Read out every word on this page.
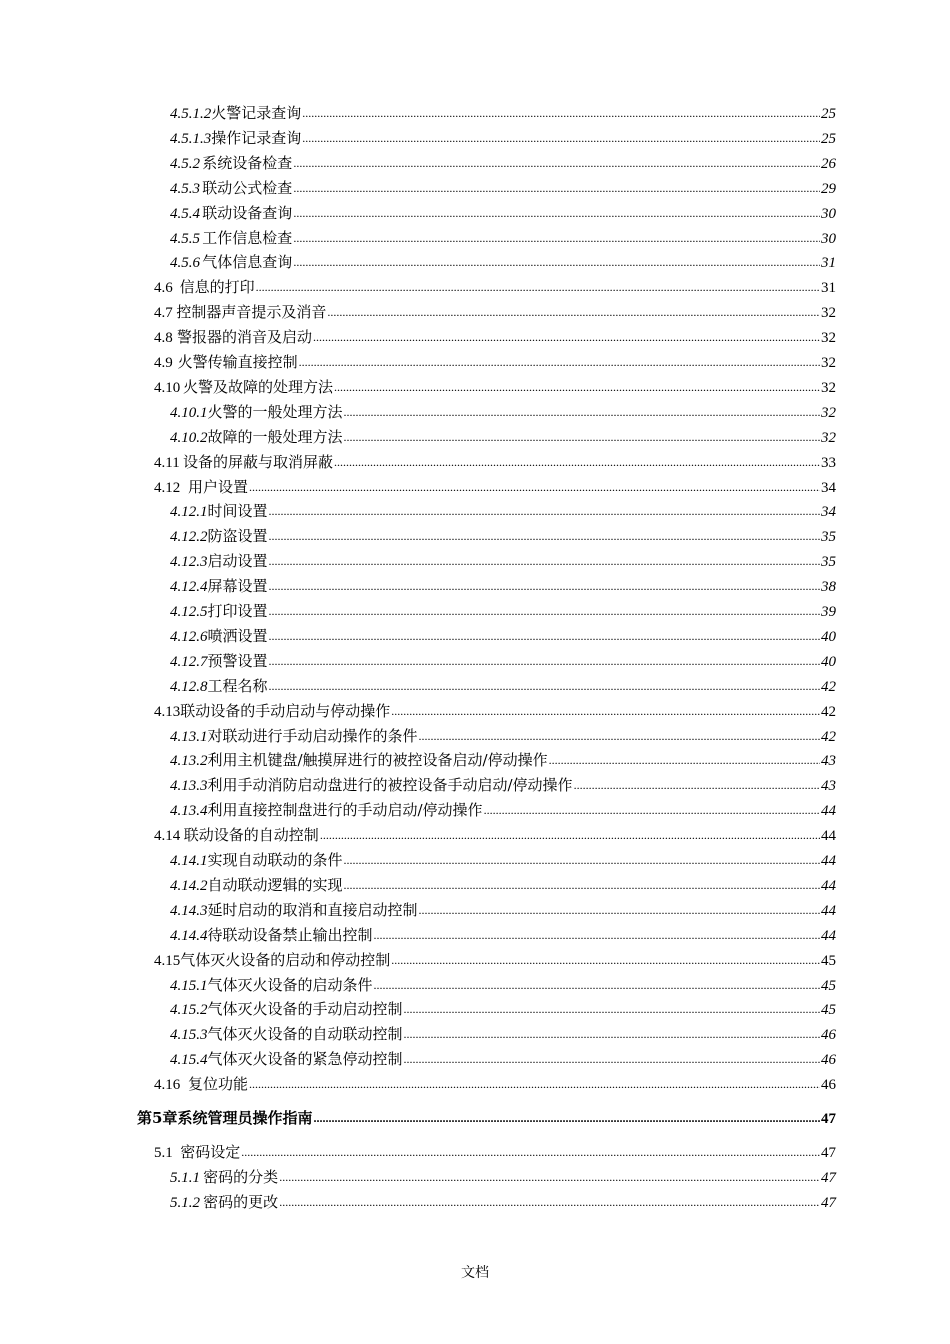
4.5.1.2 火警记录查询 .....	25
4.5.1.3 操作记录查询 .....	25
4.5.2 系统设备检查 .....	26
4.5.3 联动公式检查 .....	29
4.5.4 联动设备查询 .....	30
4.5.5 工作信息检查 .....	30
4.5.6 气体信息查询 .....	31
4.6 信息的打印 .....	31
4.7 控制器声音提示及消音 .....	32
4.8 警报器的消音及启动 .....	32
4.9 火警传输直接控制 .....	32
4.10 火警及故障的处理方法 .....	32
4.10.1 火警的一般处理方法 .....	32
4.10.2 故障的一般处理方法 .....	32
4.11 设备的屏蔽与取消屏蔽 .....	33
4.12 用户设置 .....	34
4.12.1 时间设置 .....	34
4.12.2 防盗设置 .....	35
4.12.3 启动设置 .....	35
4.12.4 屏幕设置 .....	38
4.12.5 打印设置 .....	39
4.12.6 喷洒设置 .....	40
4.12.7 预警设置 .....	40
4.12.8 工程名称 .....	42
4.13 联动设备的手动启动与停动操作 .....	42
4.13.1 对联动进行手动启动操作的条件 .....	42
4.13.2 利用主机键盘/触摸屏进行的被控设备启动/停动操作 .....	43
4.13.3 利用手动消防启动盘进行的被控设备手动启动/停动操作 .....	43
4.13.4 利用直接控制盘进行的手动启动/停动操作 .....	44
4.14 联动设备的自动控制 .....	44
4.14.1 实现自动联动的条件 .....	44
4.14.2 自动联动逻辑的实现 .....	44
4.14.3 延时启动的取消和直接启动控制 .....	44
4.14.4 待联动设备禁止输出控制 .....	44
4.15 气体灭火设备的启动和停动控制 .....	45
4.15.1 气体灭火设备的启动条件 .....	45
4.15.2 气体灭火设备的手动启动控制 .....	45
4.15.3 气体灭火设备的自动联动控制 .....	46
4.15.4 气体灭火设备的紧急停动控制 .....	46
4.16 复位功能 .....	46
第5章 系统管理员操作指南 .....	47
5.1 密码设定 .....	47
5.1.1 密码的分类 .....	47
5.1.2 密码的更改 .....	47
文档
